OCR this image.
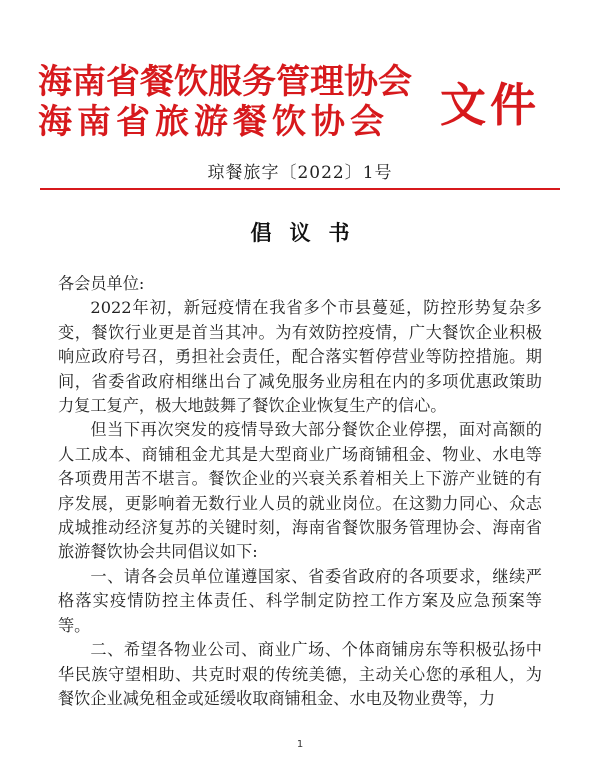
海南省餐饮服务管理协会
海南省旅游餐饮协会	文件
琼餐旅字〔2022〕1号
倡议书

各会员单位:

2022年初，新冠疫情在我省多个市县蔓延，防控形势复杂多变，餐饮行业更是首当其冲。为有效防控疫情，广大餐饮企业积极响应政府号召，勇担社会责任，配合落实暂停营业等防控措施。期间，省委省政府相继出台了减免服务业房租在内的多项优惠政策助力复工复产，极大地鼓舞了餐饮企业恢复生产的信心。

但当下再次突发的疫情导致大部分餐饮企业停摆，面对高额的人工成本、商铺租金尤其是大型商业广场商铺租金、物业、水电等各项费用苦不堪言。餐饮企业的兴衰关系着相关上下游产业链的有序发展，更影响着无数行业人员的就业岗位。在这勠力同心、众志成城推动经济复苏的关键时刻，海南省餐饮服务管理协会、海南省旅游餐饮协会共同倡议如下:

一、请各会员单位谨遵国家、省委省政府的各项要求，继续严格落实疫情防控主体责任、科学制定防控工作方案及应急预案等等。

二、希望各物业公司、商业广场、个体商铺房东等积极弘扬中华民族守望相助、共克时艰的传统美德，主动关心您的承租人，为餐饮企业减免租金或延缓收取商铺租金、水电及物业费等，力

1
